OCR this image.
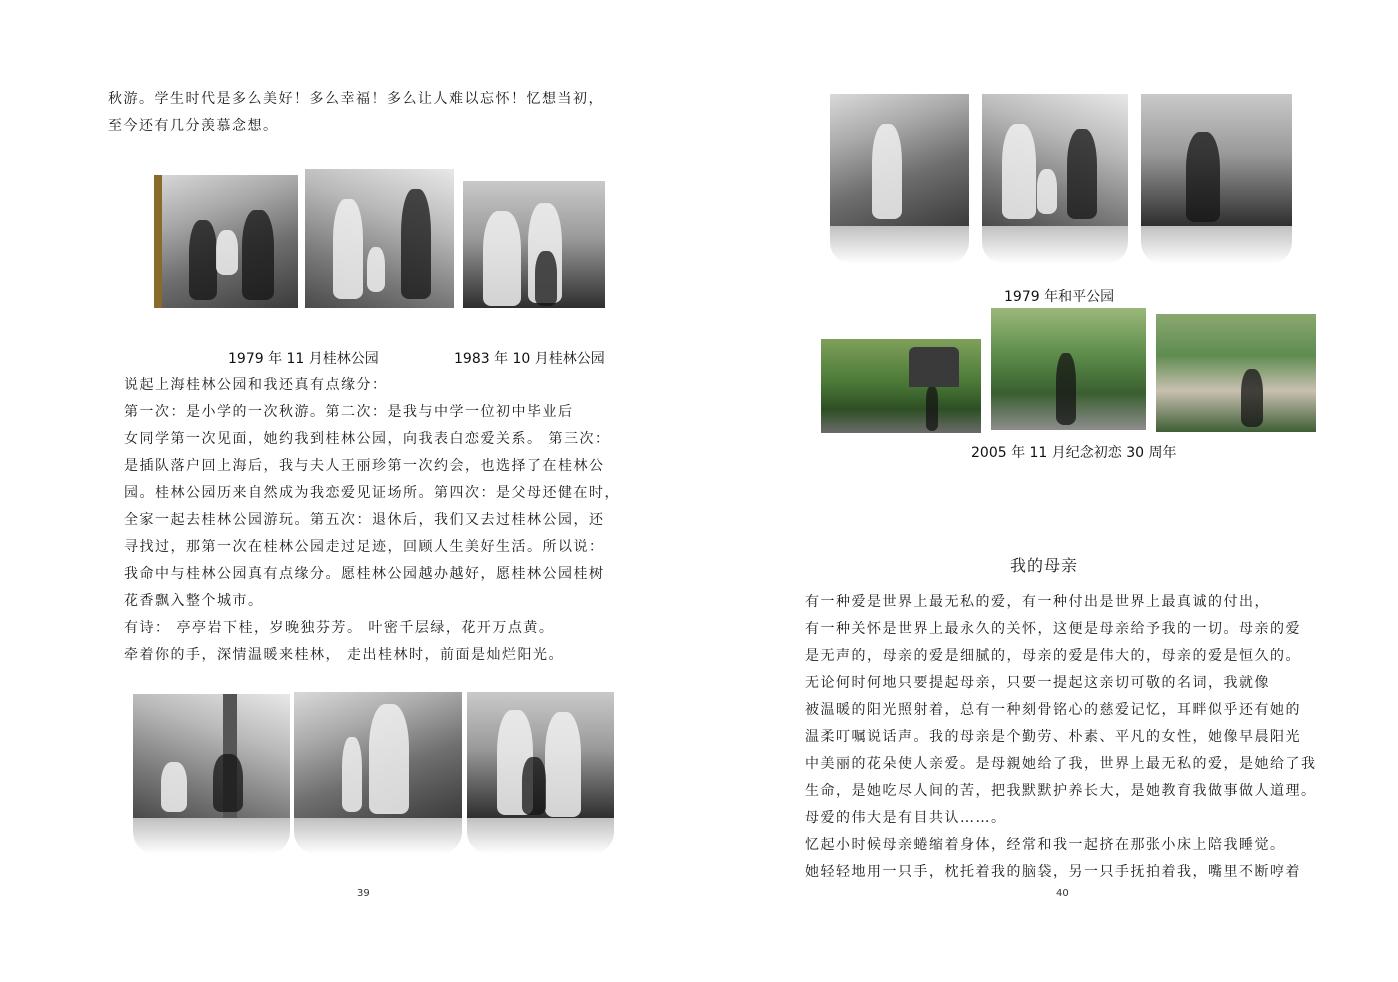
秋游。学生时代是多么美好！多么幸福！多么让人难以忘怀！忆想当初，

至今还有几分羡慕念想。

1979 年 11 月桂林公园	1983 年 10 月桂林公园

说起上海桂林公园和我还真有点缘分：

第一次：是小学的一次秋游。第二次：是我与中学一位初中毕业后

女同学第一次见面，她约我到桂林公园，向我表白恋爱关系。 第三次：

是插队落户回上海后，我与夫人王丽珍第一次约会，也选择了在桂林公

园。桂林公园历来自然成为我恋爱见证场所。第四次：是父母还健在时，

全家一起去桂林公园游玩。第五次：退休后，我们又去过桂林公园，还

寻找过，那第一次在桂林公园走过足迹，回顾人生美好生活。所以说：

我命中与桂林公园真有点缘分。愿桂林公园越办越好，愿桂林公园桂树

花香飘入整个城市。

有诗： 亭亭岩下桂，岁晚独芬芳。 叶密千层绿，花开万点黄。

牵着你的手，深情温暖来桂林， 走出桂林时，前面是灿烂阳光。

39
1979 年和平公园
2005 年 11 月纪念初恋 30 周年
我的母亲

有一种爱是世界上最无私的爱，有一种付出是世界上最真诚的付出，

有一种关怀是世界上最永久的关怀，这便是母亲给予我的一切。母亲的爱

是无声的，母亲的爱是细腻的，母亲的爱是伟大的，母亲的爱是恒久的。

无论何时何地只要提起母亲，只要一提起这亲切可敬的名词，我就像

被温暖的阳光照射着，总有一种刻骨铭心的慈爱记忆，耳畔似乎还有她的

温柔叮嘱说话声。我的母亲是个勤劳、朴素、平凡的女性，她像早晨阳光

中美丽的花朵使人亲爱。是母親她给了我，世界上最无私的爱，是她给了我

生命，是她吃尽人间的苦，把我默默护养长大，是她教育我做事做人道理。

母爱的伟大是有目共认……。

忆起小时候母亲蜷缩着身体，经常和我一起挤在那张小床上陪我睡觉。

她轻轻地用一只手，枕托着我的脑袋，另一只手抚拍着我，嘴里不断哼着

40
